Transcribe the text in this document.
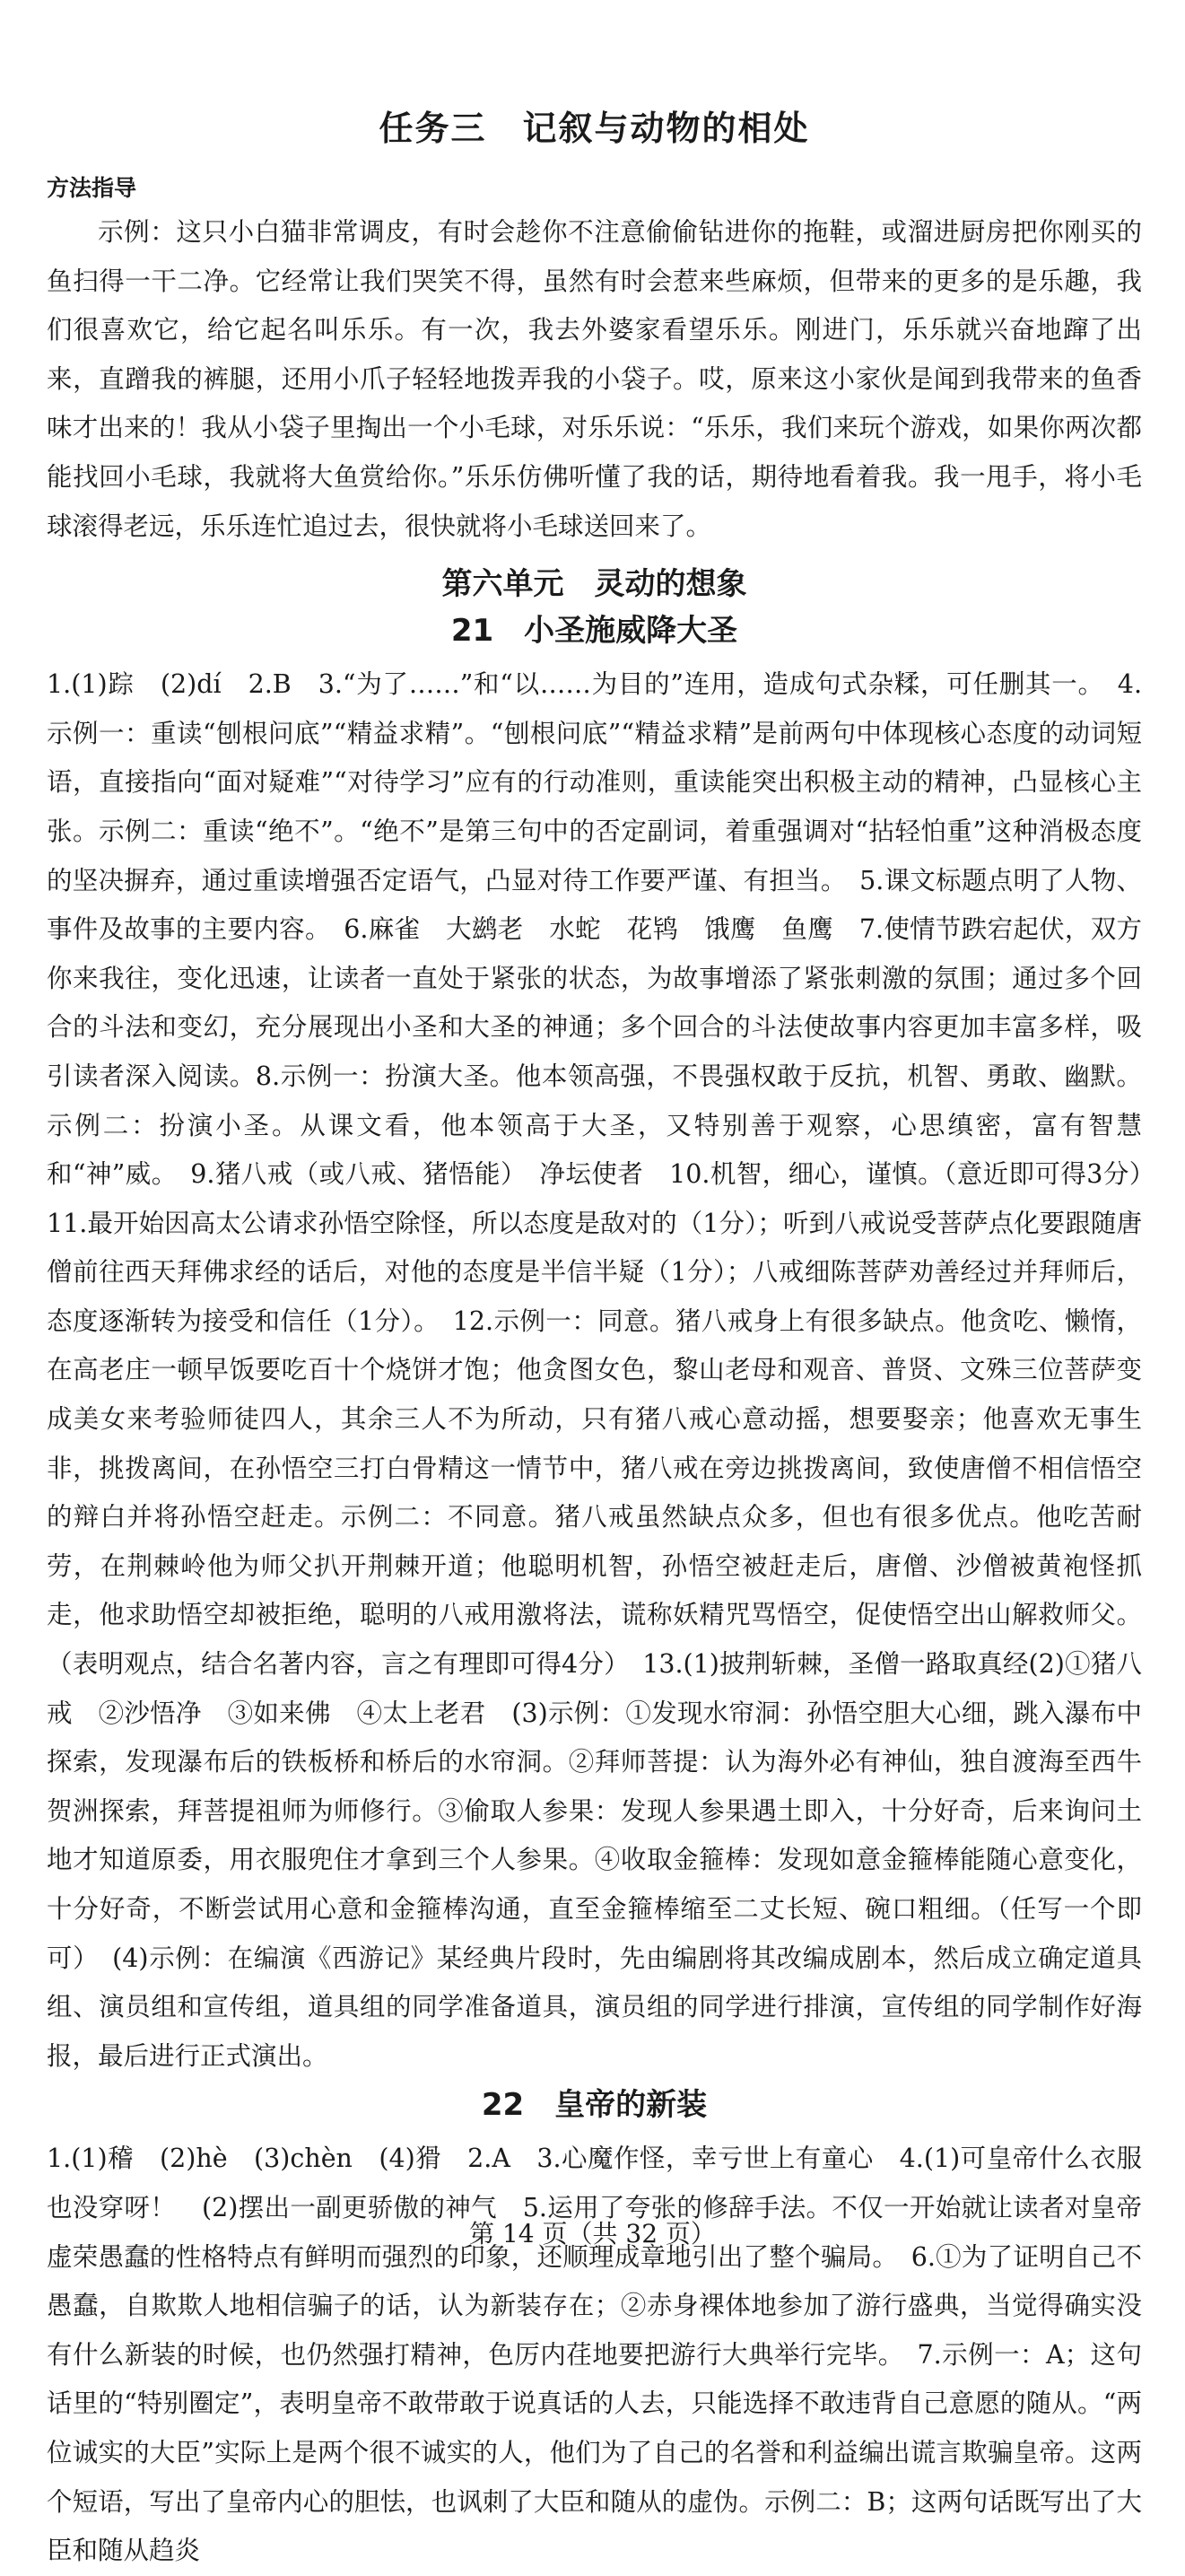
任务三　记叙与动物的相处
方法指导

示例：这只小白猫非常调皮，有时会趁你不注意偷偷钻进你的拖鞋，或溜进厨房把你刚买的鱼扫得一干二净。它经常让我们哭笑不得，虽然有时会惹来些麻烦，但带来的更多的是乐趣，我们很喜欢它，给它起名叫乐乐。有一次，我去外婆家看望乐乐。刚进门，乐乐就兴奋地蹿了出来，直蹭我的裤腿，还用小爪子轻轻地拨弄我的小袋子。哎，原来这小家伙是闻到我带来的鱼香味才出来的！我从小袋子里掏出一个小毛球，对乐乐说：“乐乐，我们来玩个游戏，如果你两次都能找回小毛球，我就将大鱼赏给你。”乐乐仿佛听懂了我的话，期待地看着我。我一甩手，将小毛球滚得老远，乐乐连忙追过去，很快就将小毛球送回来了。

第六单元　灵动的想象
21　小圣施威降大圣

1.(1)踪　(2)dí　2.B　3.“为了……”和“以……为目的”连用，造成句式杂糅，可任删其一。　4.示例一：重读“刨根问底”“精益求精”。“刨根问底”“精益求精”是前两句中体现核心态度的动词短语，直接指向“面对疑难”“对待学习”应有的行动准则，重读能突出积极主动的精神，凸显核心主张。示例二：重读“绝不”。“绝不”是第三句中的否定副词，着重强调对“拈轻怕重”这种消极态度的坚决摒弃，通过重读增强否定语气，凸显对待工作要严谨、有担当。　5.课文标题点明了人物、事件及故事的主要内容。　6.麻雀　大鹚老　水蛇　花鸨　饿鹰　鱼鹰　7.使情节跌宕起伏，双方你来我往，变化迅速，让读者一直处于紧张的状态，为故事增添了紧张刺激的氛围；通过多个回合的斗法和变幻，充分展现出小圣和大圣的神通；多个回合的斗法使故事内容更加丰富多样，吸引读者深入阅读。8.示例一：扮演大圣。他本领高强，不畏强权敢于反抗，机智、勇敢、幽默。示例二：扮演小圣。从课文看，他本领高于大圣，又特别善于观察，心思缜密，富有智慧和“神”威。　9.猪八戒（或八戒、猪悟能）　净坛使者　10.机智，细心，谨慎。（意近即可得3分）　11.最开始因高太公请求孙悟空除怪，所以态度是敌对的（1分）；听到八戒说受菩萨点化要跟随唐僧前往西天拜佛求经的话后，对他的态度是半信半疑（1分）；八戒细陈菩萨劝善经过并拜师后，态度逐渐转为接受和信任（1分）。　12.示例一：同意。猪八戒身上有很多缺点。他贪吃、懒惰，在高老庄一顿早饭要吃百十个烧饼才饱；他贪图女色，黎山老母和观音、普贤、文殊三位菩萨变成美女来考验师徒四人，其余三人不为所动，只有猪八戒心意动摇，想要娶亲；他喜欢无事生非，挑拨离间，在孙悟空三打白骨精这一情节中，猪八戒在旁边挑拨离间，致使唐僧不相信悟空的辩白并将孙悟空赶走。示例二：不同意。猪八戒虽然缺点众多，但也有很多优点。他吃苦耐劳，在荆棘岭他为师父扒开荆棘开道；他聪明机智，孙悟空被赶走后，唐僧、沙僧被黄袍怪抓走，他求助悟空却被拒绝，聪明的八戒用激将法，谎称妖精咒骂悟空，促使悟空出山解救师父。（表明观点，结合名著内容，言之有理即可得4分）　13.(1)披荆斩棘，圣僧一路取真经(2)①猪八戒　②沙悟净　③如来佛　④太上老君　(3)示例：①发现水帘洞：孙悟空胆大心细，跳入瀑布中探索，发现瀑布后的铁板桥和桥后的水帘洞。②拜师菩提：认为海外必有神仙，独自渡海至西牛贺洲探索，拜菩提祖师为师修行。③偷取人参果：发现人参果遇土即入，十分好奇，后来询问土地才知道原委，用衣服兜住才拿到三个人参果。④收取金箍棒：发现如意金箍棒能随心意变化，十分好奇，不断尝试用心意和金箍棒沟通，直至金箍棒缩至二丈长短、碗口粗细。（任写一个即可）　(4)示例：在编演《西游记》某经典片段时，先由编剧将其改编成剧本，然后成立确定道具组、演员组和宣传组，道具组的同学准备道具，演员组的同学进行排演，宣传组的同学制作好海报，最后进行正式演出。

22　皇帝的新装

1.(1)稽　(2)hè　(3)chèn　(4)猾　2.A　3.心魔作怪，幸亏世上有童心　4.(1)可皇帝什么衣服也没穿呀！　(2)摆出一副更骄傲的神气　5.运用了夸张的修辞手法。不仅一开始就让读者对皇帝虚荣愚蠢的性格特点有鲜明而强烈的印象，还顺理成章地引出了整个骗局。　6.①为了证明自己不愚蠢，自欺欺人地相信骗子的话，认为新装存在；②赤身裸体地参加了游行盛典，当觉得确实没有什么新装的时候，也仍然强打精神，色厉内荏地要把游行大典举行完毕。　7.示例一：A；这句话里的“特别圈定”，表明皇帝不敢带敢于说真话的人去，只能选择不敢违背自己意愿的随从。“两位诚实的大臣”实际上是两个很不诚实的人，他们为了自己的名誉和利益编出谎言欺骗皇帝。这两个短语，写出了皇帝内心的胆怯，也讽刺了大臣和随从的虚伪。示例二：B；这两句话既写出了大臣和随从趋炎

第 14 页（共 32 页）
